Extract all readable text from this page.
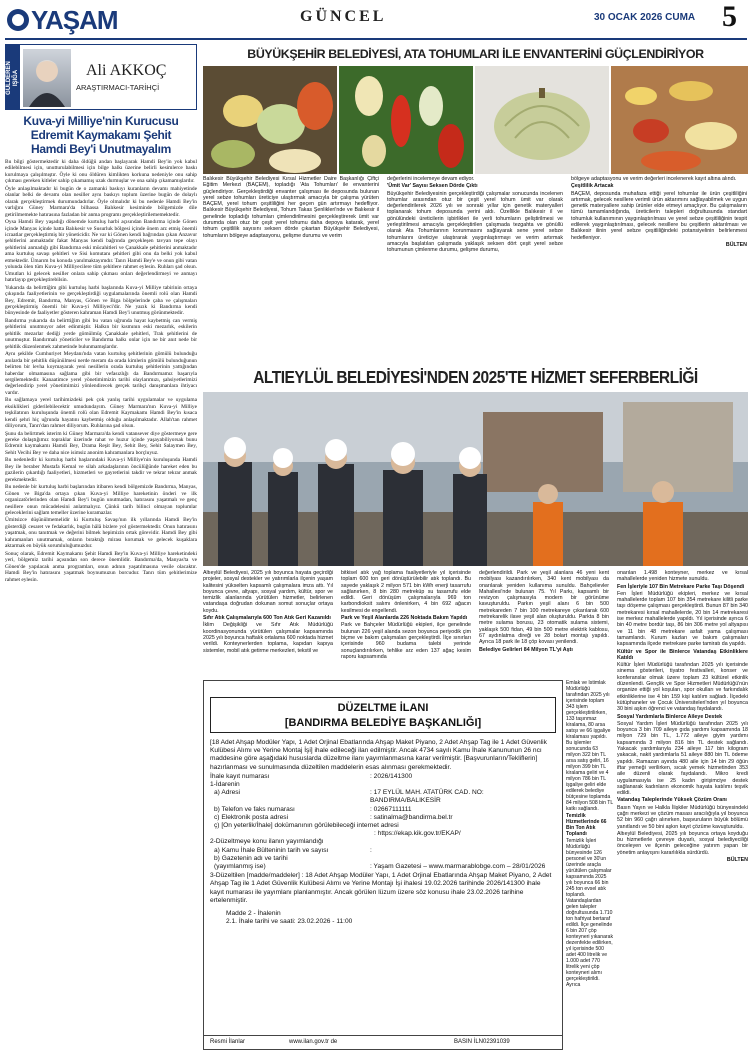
YAŞAM	GÜNCEL	30 OCAK 2026 CUMA 5
GÜLDEREN
IŞIĞA	Ali AKKOÇ
ARAŞTIRMACI-TARİHÇİ
Kuva-yi Milliye'nin Kurucusu Edremit Kaymakamı Şehit Hamdi Bey'i Unutmayalım

Bu bilgi göstermektedir ki daha öldüğü andan başlayarak Hamdi Bey'in yok kabul edilebilmesi için, unutturulabilmesi için bilge halkı üzerine belirli kesimlerce baskı kurulmaya çalışılmıştır. Öyle ki onu öldüren kimlikten korkuna nedeniyle onu sahip çıkması gereken kitleler sahip çıkamamış uzak durmuşlar ve ona sahip çıkamamışlardır.

Öyle anlaşılmaktadır ki bugün de o zamanki baskıyı kuranların devamı mahiyetinde olanlar belki de devamı olan nesiller aynı baskıyı toplum üzerine bugün de dolaylı olarak gerçekleştirmek durumundadırlar. Öyle olmalıdır ki bu nedenle Hamdi Bey'in varlığını Güney Marmara'da bilhassa Balıkesir kesiminde bölgemizde dile getirilmemekte hatırasına fazladan bir anma programı gerçekleştirilememektedir.

Oysa Hamdi Bey yaşadığı dönemde kurtuluş harbi açısından Bandırma içinde Gönen içinde Manyas içinde hatta Balıkesir ve Susurluk bölgesi içinde önem arz etmiş önemli icraatlar gerçekleştirmiş bir yöneticidir. Ne var ki Gönen kendi bağrından çıkan Anzavur şehitlerini anmaktadır fakat Manyas kendi bağrında gerçekleşen tavyan tepe olayı şehitlerini anmadığı gibi Bandırma eski mücahitleri ve Çanakkale şehitlerini anmaktadır ama kurtuluş savaşı şehitleri ve Sisi komutanı şehitleri gibi onu da belki yok kabul etmektedir. Ümarım bu konuda yanılmaktayımdır. Tanrı Hamdi Bey'e ve onun gibi vatan yolunda ölen tüm Kuva-yi Milliyecilere tüm şehitlere rahmet eylesin. Ruhları şad olsun. Umutları ki gelecek nesiller onlara sahip çıkması onları değerlendirmeyi ve anmayı hatırlayıp gerçekleştirebilsin.

Yukarıda da belirttiğim gibi kurtuluş harbi başlarında Kuva-yi Milliye tabirinin ortaya çıkışında faaliyetlerinin ve gerçekleştirdiği uygulamalarında önemli rolü olan Hamdi Bey, Edremit, Bandırma, Manyas, Gönen ve Biga bölgelerinde çaba ve çalışmaları gerçekleştirmiş önemli bir Kuva-yi Milliyeci'dir. Ne yazık ki Bandırma kendi bünyesinde de faaliyetler gösteren kahraman Hamdi Bey'i unutmuş görünmektedir.

Bandırma yukarıda da belirttiğim gibi bu vatan uğrunda hayat kaybetmiş can vermiş şehitlerini unutmuyor adet edinmiştir. Halkın bir kısmının eski mezarlık, eskilerin şehitlik mezarlar dediği yerde gömülmüş Çanakkale şehitleri, Trak şehitlerini de unutmuştur. Bandırmalı yöneticiler ve Bandırma halkı onlar için ne bir anıt nede bir şehitlik düzenlenmek zahmetinde bulunmamışlardır.

Aynı şekilde Cumhuriyet Meydanı'nda vatan kurtuluş şehitlerinin gömülü bulunduğu anılarda bir şehitlik düşünülmesi nerde meram da orada kimlerin gömülü bulunduğunun belirten bir levha koymayarak yeni nesillerin orada kurtuluş şehitlerinin yattığından haberdar olmamasına sağlama gibi bir vefasızlığı da Bandırmamız başarıyla sergilemektedir. Kanaatimce yerel yönetimimizin tarihi olaylarımızı, şahsiyetlerimizi değerlendirip yerel yönetimimizi yönlendirecek gerçek tarihçi danışmanlara ihtiyacı vardır.

Bu sağlamaya yerel tarihimizdeki pek çok yanlış tarihi uygulamalar ve uygulama eksiklikleri giderilebilecektir umudundayım. Güney Marmara'nın Kuva-yi Milliye teşkilatının kuruluşunda önemli rolü olan Edremit Kaymakamı Hamdi Bey'in kısaca kendi şehri hiç uğrunda hayatını kaybetmiş olduğu anlaşılmaktadır. Allah'tan rahmet diliyorum, Tanrı'dan rahmet diliyorum. Ruhlarına şad olsun.

Şunu da belirtmek isterim ki Güney Marmara'da kendi vatansever diye göstermeye gere gereke dolaştığımız topraklar üzerinde rahat ve huzur içinde yaşayabiliyorsak bunu Edremit kaymakamı Hamdi Bey, Drama Reşit Bey, Sehit Bey, Sehit Salaymen Bey, Sehit Vecihi Bey ve daha nice isimsiz anonim kahramanlara borçluyuz.

Bu nedenledir ki kurtuluş harbi başlarındaki Kuva-yi Milliye'nin kuruluşunda Hamdi Bey ile beraber Mustafa Kemal ve silah arkadaşlarının öncülüğünde hareket eden bu gazilerin çıkardığı faaliyetleri, hizmetleri ve gayretlerini takdir ve tekrar tekrar anmak gerekmektedir.

Bu nedenle bir kurtuluş harbi başlarından itibaren kendi bölgemizde Bandırma, Manyas, Gönen ve Biga'da ortaya çıkan Kuva-yi Milliye hareketinin önderi ve ilk organizatörlerinden olan Hamdi Bey'i bugün unutmadan, hatırasını yaşatmalı ve genç nesillere onun mücadelesini anlatmalıyız. Çünkü tarih bilinci olmayan toplumlar geleceklerini sağlam temeller üzerine kuramazlar.

Ümitsizce düşünülmemelidir ki Kurtuluş Savaşı'nın ilk yıllarında Hamdi Bey'in gösterdiği cesaret ve fedakarlık, bugün hâlâ bizlere yol göstermektedir. Onun hatırasını yaşatmak, onu tanıtmak ve değerini bilmek hepimizin ortak görevidir. Hamdi Bey gibi kahramanları unutmamak, onların bıraktığı mirası korumak ve gelecek kuşaklara aktarmak en büyük sorumluluğumuzdur.

Sonuç olarak, Edremit Kaymakamı Şehit Hamdi Bey'in Kuva-yi Milliye hareketindeki yeri, bölgemiz tarihi açısından son derece önemlidir. Bandırma'da, Manyas'ta ve Gönen'de yapılacak anma programları, onun adının yaşatılmasına vesile olacaktır. Hamdi Bey'in hatırasını yaşatmak boynumuzun borcudur. Tanrı tüm şehitlerimize rahmet eylesin.

BÜYÜKŞEHİR BELEDİYESİ, ATA TOHUMLARI İLE ENVANTERİNİ GÜÇLENDİRİYOR
Balıkesir Büyükşehir Belediyesi Kırsal Hizmetler Daire Başkanlığı Çiftçi Eğitim Merkezi (BAÇEM), topladığı 'Ata Tohumları' ile envanterini güçlendiriyor. Gerçekleştirdiği envanter çalışması ile deposunda bulunan yerel sebze tohumları üreticiye ulaştırmak amacıyla bir çalışma yürüten BAÇEM, yerel tohum çeşitliliğini her geçen gün artırmayı hedefliyor. Balıkesir Büyükşehir Belediyesi, Tohum Takas Şenlikleri'nde ve Balıkesir il genelinde topladığı tohumları çimlendirilmesini gerçekleştirerek ümit var durumda olan otuz bir çeşit yerel tohumu daha depoya katarak, yerel tohum çeşitlilik sayısını seksen dörde çıkartan Büyükşehir Belediyesi, tohumların bölgeye adaptasyonu, gelişme durumu ve verim

değerlerini incelemeye devam ediyor.

'Ümit Var' Sayısı Seksen Dörde Çıktı

Büyükşehir Belediyesinin gerçekleştirdiği çalışmalar sonucunda incelenen tohumlar arasından otuz bir çeşit yerel tohum ümit var olarak değerlendirilerek 2026 yılı ve sonraki yıllar için genetik materyalleri toplanarak tohum deposunda yerini aldı. Özellikle Balıkesir il ve gönülündeki üreticilerin işbirlikleri ile yerli tohumların geliştirilmesi ve yerleştirilmesi amacıyla gerçekleştirilen çalışmada tezgahta ve gönüllü olarak Ata Tohumlarının korunmasını sağlayarak sene yerel sebze tohumlarını üreticiye ulaştırarak yaygınlaştırmayı ve verim artırmak amacıyla başlatılan çalışmada yaklaşık seksen dört çeşit yerel sebze tohumunun çimlenme durumu, gelişme durumu,

bölgeye adaptasyonu ve verim değerleri incelenerek kayıt altına alındı.

Çeşitlilik Artacak

BAÇEM, deposunda muhafaza ettiği yerel tohumlar ile ürün çeşitliliğini artırmak, gelecek nesillere verimli ürün aktarımını sağlayabilmek ve uygun genetik materyallere sahip ürünler elde etmeyi amaçlıyor. Bu çalışmaların tümü tamamlandığında, üreticilerin talepleri doğrultusunda standart tohumluk kullanımının yaygınlaştırılması ve yerel sebze çeşitliliğinin tespit edilerek yaygınlaştırılması, gelecek nesillere bu çeşitlerin aktarılması ve Balıkesir ilinin yerel sebze çeşitliliğindeki potansiyelinin belirlenmesi hedefleniyor.

BÜLTEN

ALTIEYLÜL BELEDİYESİ'NDEN 2025'TE HİZMET SEFERBERLİĞİ

Altıeylül Belediyesi, 2025 yılı boyunca hayata geçirdiği projeler, sosyal destekler ve yatırımlarla ilçenin yaşam kalitesini yükselten kapsamlı çalışmalara imza attı. Yıl boyunca çevre, altyapı, sosyal yardım, kültür, spor ve temizlik alanlarında yürütülen hizmetler, belirlenen vatandaşa doğrudan dokunan somut sonuçlar ortaya koydu.

Sıfır Atık Çalışmalarıyla 600 Ton Atık Geri Kazanıldı

İklim Değişikliği ve Sıfır Atık Müdürlüğü koordinasyonunda yürütülen çalışmalar kapsamında 2025 yılı boyunca haftalık ortalama 600 noktada hizmet verildi. Konteynerlerden toplama, kapıdan kapıya sistemler, mobil atık getirme merkezleri, tekstil ve

bitkisel atık yağ toplama faaliyetleriyle yıl içerisinde toplam 600 ton geri dönüştürülebilir atık toplandı. Bu sayede yaklaşık 2 milyon 571 bin kWh enerji tasarrufu sağlanırken, 8 bin 280 metreküp su tasarrufu elde edildi. Geri dönüşüm çalışmalarıyla 969 ton karbondioksit salımı önlenirken, 4 bin 692 ağacın kesilmesi de engellendi.

Park ve Yeşil Alanlarda 226 Noktada Bakım Yapıldı

Park ve Bahçeler Müdürlüğü ekipleri, ilçe genelinde bulunan 226 yeşil alanda sezon boyunca periyodik çim biçme ve bakım çalışmaları gerçekleştirdi. İlçe sınırları içerisinde 960 budama talebi yerinde sonuçlandırılırken, tehlike arz eden 137 ağaç kesim raporu kapsamında

değerlendirildi. Park ve yeşil alanlara 46 yeni kent mobilyası kazandırılırken, 340 kent mobilyası da onarılarak yeniden kullanıma sunuldu. Bahçelievler Mahallesi'nde bulunan 75. Yıl Parkı, kapsamlı bir revizyon çalışmasıyla modern bir görünüme kavuşturuldu. Parkın yeşil alanı 6 bin 500 metrekareden 7 bin 100 metrekareye çıkarılarak 600 metrekarelik ilave yeşil alan oluşturuldu. Parkta 8 bin metre sulama borusu, 23 otomatik sulama sistemi, yaklaşık 500 fidan, 49 bin 500 metre elektrik kablosu, 67 aydınlatma direği ve 28 bolart montajı yapıldı. Ayrıca 18 park ile 18 çöp kovası yenilendi.

Belediye Gelirleri 84 Milyon TL'yi Aştı

onarılan 1.498 konteyner, merkez ve kırsal mahallelerde yeniden hizmete sunuldu.

Fen İşleriyle 107 Bin Metrekare Parke Taşı Döşendi

Fen İşleri Müdürlüğü ekipleri, merkez ve kırsal mahallelerde toplam 107 bin 354 metrekare kilitli parke taşı döşeme çalışması gerçekleştirdi. Bunun 87 bin 340 metrekaresi kırsal mahallelerde, 20 bin 14 metrekaresi ise merkez mahallelerde yapıldı. Yıl içerisinde ayrıca 6 bin 40 metre bordür taşı, 86 bin 306 metre yol altyapısı ve 11 bin 48 metrekare asfalt yama çalışması tamamlandı. Kurum kazları ve bakım çalışmaları kapsamında ilçede metrekare parke tamiratı da yapıldı.

Kültür ve Spor ile Binlerce Vatandaş Etkinliklere Katıldı

Kültür İşleri Müdürlüğü tarafından 2025 yılı içerisinde sinema gösterileri, tiyatro festivalleri, konser ve konferanslar olmak üzere toplam 23 kültürel etkinlik düzenlendi. Gençlik ve Spor Hizmetleri Müdürlüğü'nün organize ettiği yol koşuları, spor okulları ve farkındalık etkinliklerine ise 4 bin 159 kişi katılım sağladı. İlçedeki kütüphaneler ve Çocuk Üniversiteleri'nden yıl boyunca 30 bini aşkın öğrenci ve vatandaş faydalandı.

Sosyal Yardımlarla Binlerce Aileye Destek

Sosyal Yardım İşleri Müdürlüğü tarafından 2025 yılı boyunca 3 bin 709 aileye gıda yardımı kapsamında 18 milyon 729 bin TL, 1.772 aileye giyim yardımı kapsamında 3 milyon 816 bin TL destek sağlandı. Yakacak yardımlarıyla 234 aileye 117 bin kilogram yakacak, nakit yardımlarla 51 aileye 880 bin TL ödeme yapıldı. Ramazan ayında 480 aile için 14 bin 29 öğün iftar yemeği verilirken, sıcak yemek hizmetinden 353 aile düzenli olarak faydalandı. Mikro kredi uygulamasıyla ise 25 kadın girişimciye destek sağlanarak kadınların ekonomik hayata katılımı teşvik edildi.

Vatandaş Taleplerinde Yüksek Çözüm Oranı

Basın Yayın ve Halkla İlişkiler Müdürlüğü bünyesindeki çağrı merkezi ve çözüm masası aracılığıyla yıl boyunca 52 bin 960 çağrı alınırken, başvuruların büyük bölümü yanıtlandı ve 50 bini aşkın kayıt çözüme kavuşturuldu.

Altıeylül Belediyesi, 2025 yılı boyunca ortaya koyduğu bu hizmetlerle çevreye duyarlı, sosyal belediyeciliği önceleyen ve ilçenin geleceğine yatırım yapan bir yönetim anlayışını kararlılıkla sürdürdü.

BÜLTEN

Emlak ve İstimlak Müdürlüğü tarafından 2025 yılı içerisinde toplam 343 işlem gerçekleştirilirken, 133 taşınmaz kiralama, 80 arsa satışı ve 66 işgaliye kiralaması yapıldı. Bu işlemler sonucunda 63 milyon 322 bin TL arsa satış geliri, 16 milyon 399 bin TL kiralama geliri ve 4 milyon 786 bin TL işgaliye geliri elde edilerek belediye bütçesine toplamda 84 milyon 508 bin TL katkı sağlandı.

Temizlik Hizmetlerinde 66 Bin Ton Atık Toplandı

Temizlik İşleri Müdürlüğü bünyesinde 126 personel ve 30'un üzerinde araçla yürütülen çalışmalar kapsamında 2025 yılı boyunca 66 bin 245 ton evsel atık toplandı. Vatandaşlardan gelen talepler doğrultusunda 1.710 ton hafriyat bertaraf edildi. İlçe genelinde 6 bin 207 çöp konteyneri yıkanarak dezenfekte edilirken, yıl içerisinde 500 adet 400 litrelik ve 1.000 adet 770 litrelik yeni çöp konteyneri alımı gerçekleştirildi. Ayrıca

DÜZELTME İLANI
[BANDIRMA BELEDİYE BAŞKANLIĞI]
[18 Adet Ahşap Modüler Yapı, 1 Adet Orjinal Ebatlarında Ahşap Maket Piyano, 2 Adet Ahşap Tag ile 1 Adet Güvenlik Kulübesi Alımı ve Yerine Montaj İşi] ihale edileceği ilan edilmiştir. Ancak 4734 sayılı Kamu İhale Kanununun 26 ncı maddesine göre aşağıdaki hususlarda düzeltme ilanı yayımlanmasına karar verilmiştir. [Başvurunların/Tekliflerin] hazırlanması ve sunulmasında düzeltilen maddelerin esas alınması gerekmektedir.
İhale kayıt numarası	: 2026/141300
1-İdarenin	
a) Adresi	: 17 EYLÜL MAH. ATATÜRK CAD. NO: BANDIRMA/BALIKESİR
b) Telefon ve faks numarası	: 02667111111
c) Elektronik posta adresi	: satinalma@bandirma.bel.tr
ç) [On yeterlik/İhale] dokümanının görülebileceği internet adresi
: https://ekap.kik.gov.tr/EKAP/	
2-Düzeltmeye konu ilanın yayımlandığı	
a) Kamu İhale Bülteninin tarih ve sayısı	:
b) Gazetenin adı ve tarihi	
(yayımlanmış ise)	: Yaşam Gazetesi – www.marmarablobge.com – 28/01/2026
3-Düzeltilen [madde/maddeler] : 18 Adet Ahşap Modüler Yapı, 1 Adet Orjinal Ebatlarında Ahşap Maket Piyano, 2 Adet Ahşap Tag ile 1 Adet Güvenlik Kulübesi Alımı ve Yerine Montajı İşi ihalesi 19.02.2026 tarihinde 2026/141300 ihale kayıt numarası ile yayımlanı planlanmıştır. Ancak görülen lüzum üzere söz konusu ihale 23.02.2026 tarihine ertelenmiştir.
Madde 2 - İhalenin
2.1. İhale tarihi ve saati: 23.02.2026 - 11:00
Resmi İlanlar	www.ilan.gov.tr de	BASIN İLN02391039
